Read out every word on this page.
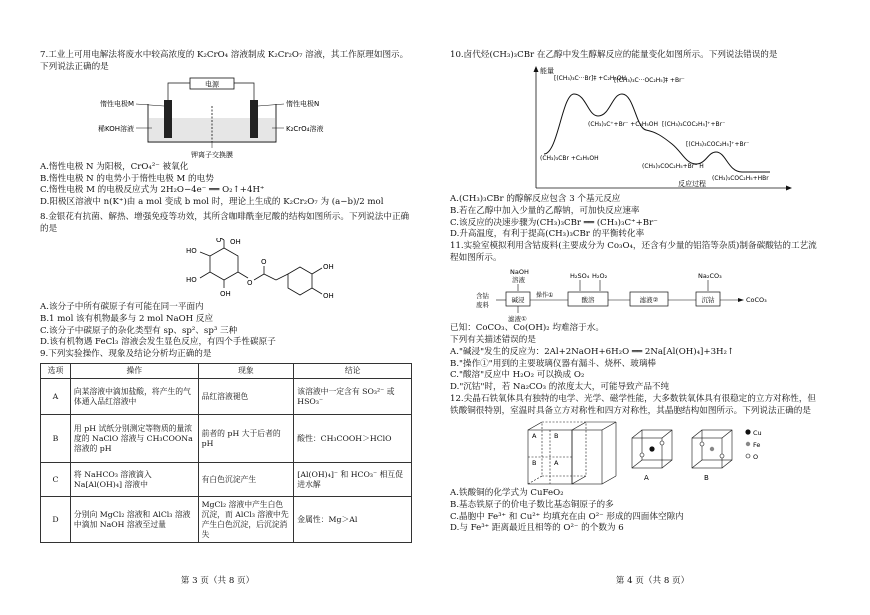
7.工业上可用电解法将废水中较高浓度的 K₂CrO₄ 溶液制成 K₂Cr₂O₇ 溶液，其工作原理如图示。下列说法正确的是

电源
惰性电极M	惰性电极N
稀KOH溶液	K₂CrO₄溶液
钾离子交换膜

A.惰性电极 N 为阳极，CrO₄²⁻ 被氧化

B.惰性电极 N 的电势小于惰性电极 M 的电势

C.惰性电极 M 的电极反应式为 2H₂O−4e⁻ ══ O₂↑+4H⁺

D.阳极区溶液中 n(K⁺)由 a mol 变成 b mol 时，理论上生成的 K₂Cr₂O₇ 为 (a−b)/2 mol

8.金银花有抗菌、解热、增强免疫等功效，其所含咖啡酰奎尼酸的结构如图所示。下列说法中正确的是

OH
O
HO
HO
OH
O
O
OH
OH

A.该分子中所有碳原子有可能在同一平面内

B.1 mol 该有机物最多与 2 mol NaOH 反应

C.该分子中碳原子的杂化类型有 sp、sp²、sp³ 三种

D.该有机物遇 FeCl₃ 溶液会发生显色反应，有四个手性碳原子

9.下列实验操作、现象及结论分析均正确的是

选项	操作	现象	结论
A	向某溶液中滴加盐酸，将产生的气体通入品红溶液中	品红溶液褪色	该溶液中一定含有 SO₃²⁻ 或 HSO₃⁻
B	用 pH 试纸分别测定等物质的量浓度的 NaClO 溶液与 CH₃COONa 溶液的 pH	前者的 pH 大于后者的 pH	酸性：CH₃COOH＞HClO
C	将 NaHCO₃ 溶液滴入 Na[Al(OH)₄] 溶液中	有白色沉淀产生	[Al(OH)₄]⁻ 和 HCO₃⁻ 相互促进水解
D	分别向 MgCl₂ 溶液和 AlCl₃ 溶液中滴加 NaOH 溶液至过量	MgCl₂ 溶液中产生白色沉淀，而 AlCl₃ 溶液中先产生白色沉淀，后沉淀消失	金属性：Mg＞Al
第 3 页（共 8 页）

10.卤代烃(CH₃)₃CBr 在乙醇中发生醇解反应的能量变化如图所示。下列说法错误的是

能量
反应过程
(CH₃)₃CBr +C₂H₅OH
[(CH₃)₃C···Br]‡ +C₂H₅OH
[(CH₃)₃C···OC₂H₅]‡ +Br⁻
(CH₃)₃C⁺+Br⁻ +C₂H₅OH [(CH₃)₃COC₂H₅]⁺+Br⁻
[(CH₃)₃COC₂H₅]⁺+Br⁻
(CH₃)₃COC₂H₅+Br⁻ H
(CH₃)₃COC₂H₅+HBr

A.(CH₃)₃CBr 的醇解反应包含 3 个基元反应

B.若在乙醇中加入少量的乙醇钠，可加快反应速率

C.该反应的决速步骤为(CH₃)₃CBr ══ (CH₃)₃C⁺+Br⁻

D.升高温度，有利于提高(CH₃)₃CBr 的平衡转化率

11.实验室模拟利用含钴废料(主要成分为 Co₃O₄，还含有少量的铝箔等杂质)制备碳酸钴的工艺流程如图所示。

NaOH
溶液
含钴
废料
碱浸
滤液①
操作①
H₂SO₄ H₂O₂
酸溶	滤液②
Na₂CO₃
沉钴	CoCO₃

已知：CoCO₃、Co(OH)₂ 均难溶于水。

下列有关描述错误的是

A."碱浸"发生的反应为：2Al+2NaOH+6H₂O ══ 2Na[Al(OH)₄]+3H₂↑

B."操作①"用到的主要玻璃仪器有漏斗、烧杯、玻璃棒

C."酸溶"反应中 H₂O₂ 可以换成 O₂

D."沉钴"时，若 Na₂CO₃ 的浓度太大，可能导致产品不纯

12.尖晶石铁氧体具有独特的电学、光学、磁学性能，大多数铁氧体具有很稳定的立方对称性，但铁酸铜很特别，室温时具备立方对称性和四方对称性，其晶胞结构如图所示。下列说法正确的是

A	B
A
B
A	B
Cu
Fe
O

A.铁酸铜的化学式为 CuFeO₂

B.基态铁原子的价电子数比基态铜原子的多

C.晶胞中 Fe³⁺ 和 Cu²⁺ 均填充在由 O²⁻ 形成的四面体空隙内

D.与 Fe³⁺ 距离最近且相等的 O²⁻ 的个数为 6

第 4 页（共 8 页）
